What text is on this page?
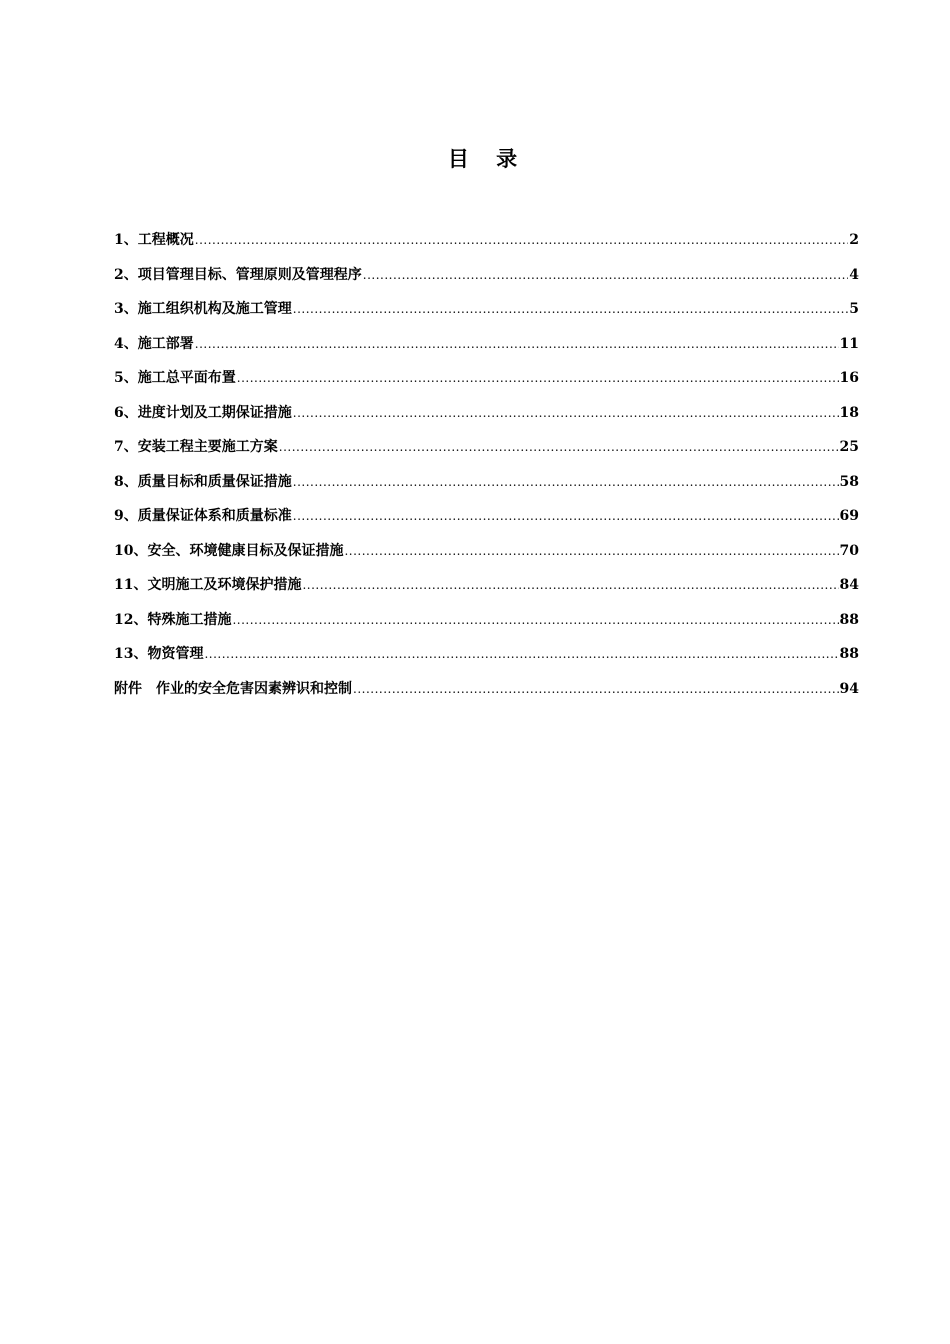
目 录
1、工程概况 .....	2
2、项目管理目标、管理原则及管理程序 .....	4
3、施工组织机构及施工管理 .....	5
4、施工部署 .....	11
5、施工总平面布置 .....	16
6、进度计划及工期保证措施 .....	18
7、安装工程主要施工方案 .....	25
8、质量目标和质量保证措施 .....	58
9、质量保证体系和质量标准 .....	69
10、安全、环境健康目标及保证措施 .....	70
11、文明施工及环境保护措施 .....	84
12、特殊施工措施 .....	88
13、物资管理 .....	88
附件　作业的安全危害因素辨识和控制 .....	94
